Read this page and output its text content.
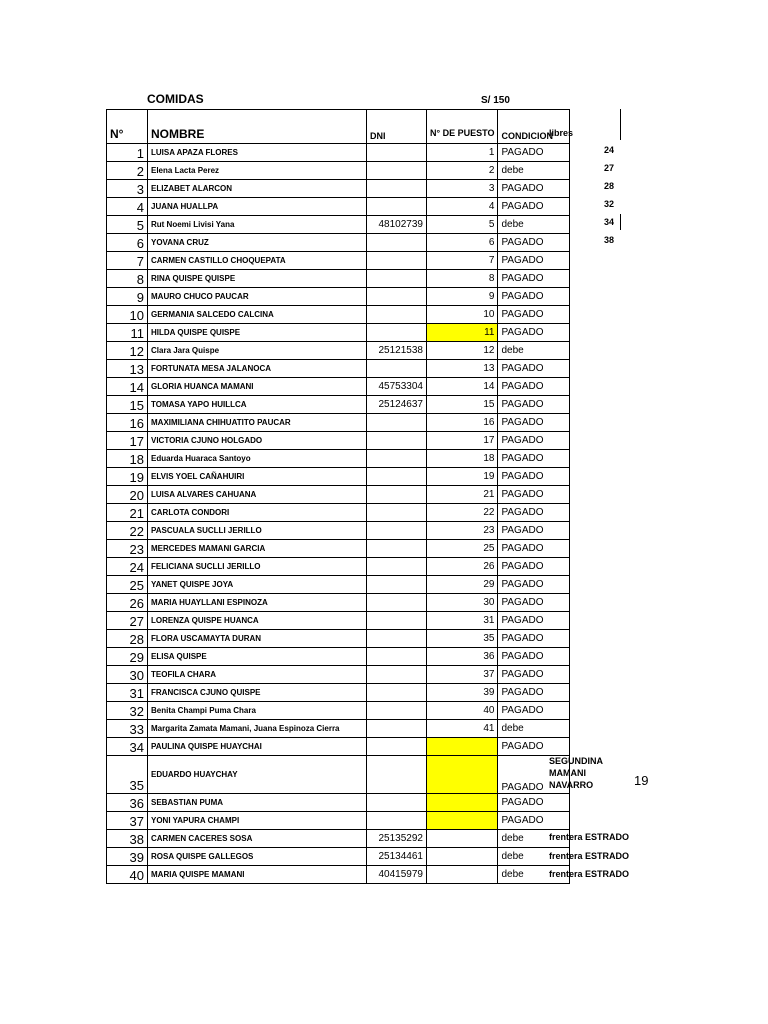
COMIDAS	S/ 150
N°	NOMBRE	DNI	N° DE PUESTO	CONDICION
1	LUISA APAZA FLORES		1	PAGADO
2	Elena Lacta Perez		2	debe
3	ELIZABET ALARCON		3	PAGADO
4	JUANA HUALLPA		4	PAGADO
5	Rut Noemi Livisi Yana	48102739	5	debe
6	YOVANA CRUZ		6	PAGADO
7	CARMEN CASTILLO CHOQUEPATA		7	PAGADO
8	RINA QUISPE QUISPE		8	PAGADO
9	MAURO CHUCO PAUCAR		9	PAGADO
10	GERMANIA SALCEDO CALCINA		10	PAGADO
11	HILDA QUISPE QUISPE		11	PAGADO
12	Clara Jara Quispe	25121538	12	debe
13	FORTUNATA MESA JALANOCA		13	PAGADO
14	GLORIA HUANCA MAMANI	45753304	14	PAGADO
15	TOMASA YAPO HUILLCA	25124637	15	PAGADO
16	MAXIMILIANA CHIHUATITO PAUCAR		16	PAGADO
17	VICTORIA CJUNO HOLGADO		17	PAGADO
18	Eduarda Huaraca Santoyo		18	PAGADO
19	ELVIS YOEL CAÑAHUIRI		19	PAGADO
20	LUISA ALVARES CAHUANA		21	PAGADO
21	CARLOTA CONDORI		22	PAGADO
22	PASCUALA SUCLLI JERILLO		23	PAGADO
23	MERCEDES MAMANI GARCIA		25	PAGADO
24	FELICIANA SUCLLI JERILLO		26	PAGADO
25	YANET QUISPE JOYA		29	PAGADO
26	MARIA HUAYLLANI ESPINOZA		30	PAGADO
27	LORENZA QUISPE HUANCA		31	PAGADO
28	FLORA USCAMAYTA DURAN		35	PAGADO
29	ELISA QUISPE		36	PAGADO
30	TEOFILA CHARA		37	PAGADO
31	FRANCISCA CJUNO QUISPE		39	PAGADO
32	Benita Champi Puma Chara		40	PAGADO
33	Margarita Zamata Mamani, Juana Espinoza Cierra		41	debe
34	PAULINA QUISPE HUAYCHAI			PAGADO
35	EDUARDO HUAYCHAY			PAGADO
36	SEBASTIAN PUMA			PAGADO
37	YONI YAPURA CHAMPI			PAGADO
38	CARMEN CACERES SOSA	25135292		debe
39	ROSA QUISPE GALLEGOS	25134461		debe
40	MARIA QUISPE MAMANI	40415979		debe
libres
24
27
28
32
34
38
SEGUNDINA
MAMANI
NAVARRO	19
frentera ESTRADO
frentera ESTRADO
frentera ESTRADO
